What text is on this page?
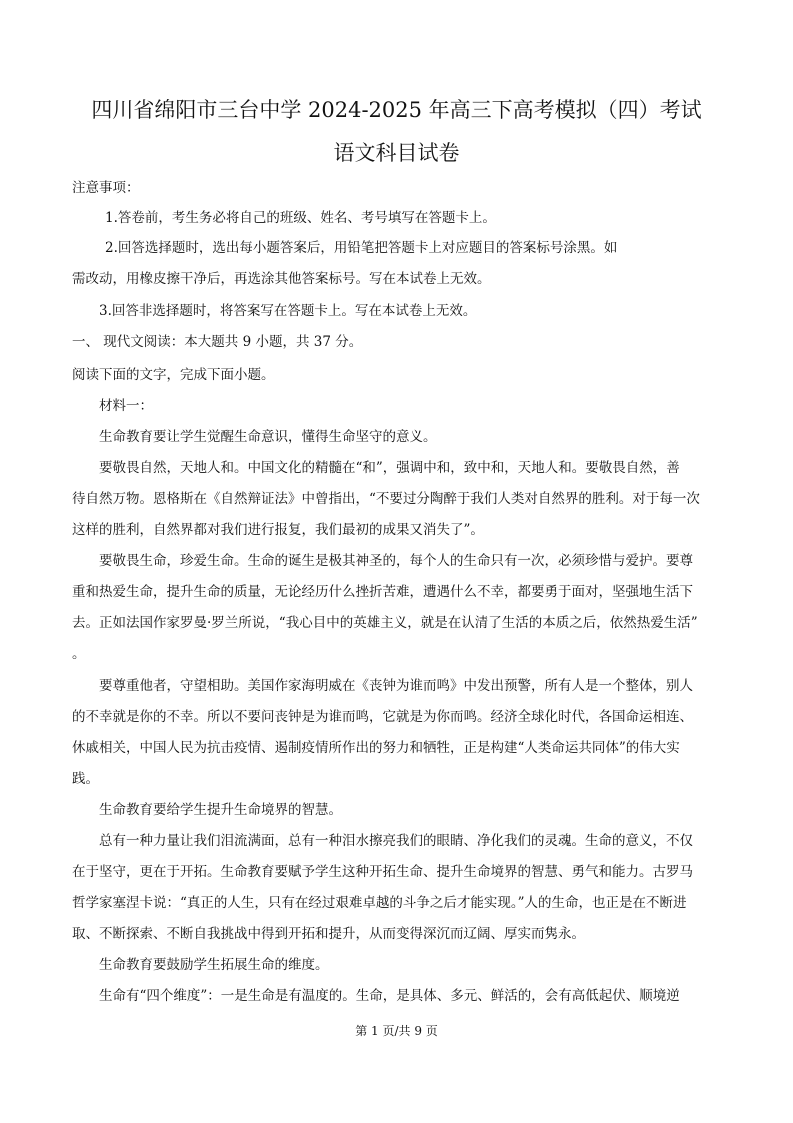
四川省绵阳市三台中学 2024-2025 年高三下高考模拟（四）考试
语文科目试卷
注意事项：
1.答卷前，考生务必将自己的班级、姓名、考号填写在答题卡上。
2.回答选择题时，选出每小题答案后，用铅笔把答题卡上对应题目的答案标号涂黑。如
需改动，用橡皮擦干净后，再选涂其他答案标号。写在本试卷上无效。
3.回答非选择题时，将答案写在答题卡上。写在本试卷上无效。
一、 现代文阅读：本大题共 9 小题，共 37 分。
阅读下面的文字，完成下面小题。
材料一：
生命教育要让学生觉醒生命意识，懂得生命坚守的意义。
要敬畏自然，天地人和。中国文化的精髓在“和”，强调中和，致中和，天地人和。要敬畏自然，善
待自然万物。恩格斯在《自然辩证法》中曾指出，“不要过分陶醉于我们人类对自然界的胜利。对于每一次
这样的胜利，自然界都对我们进行报复，我们最初的成果又消失了”。
要敬畏生命，珍爱生命。生命的诞生是极其神圣的，每个人的生命只有一次，必须珍惜与爱护。要尊
重和热爱生命，提升生命的质量，无论经历什么挫折苦难，遭遇什么不幸，都要勇于面对，坚强地生活下
去。正如法国作家罗曼·罗兰所说，“我心目中的英雄主义，就是在认清了生活的本质之后，依然热爱生活”
。
要尊重他者，守望相助。美国作家海明威在《丧钟为谁而鸣》中发出预警，所有人是一个整体，别人
的不幸就是你的不幸。所以不要问丧钟是为谁而鸣，它就是为你而鸣。经济全球化时代，各国命运相连、
休戚相关，中国人民为抗击疫情、遏制疫情所作出的努力和牺牲，正是构建“人类命运共同体”的伟大实
践。
生命教育要给学生提升生命境界的智慧。
总有一种力量让我们泪流满面，总有一种泪水擦亮我们的眼睛、净化我们的灵魂。生命的意义，不仅
在于坚守，更在于开拓。生命教育要赋予学生这种开拓生命、提升生命境界的智慧、勇气和能力。古罗马
哲学家塞涅卡说：“真正的人生，只有在经过艰难卓越的斗争之后才能实现。”人的生命，也正是在不断进
取、不断探索、不断自我挑战中得到开拓和提升，从而变得深沉而辽阔、厚实而隽永。
生命教育要鼓励学生拓展生命的维度。
生命有“四个维度”：一是生命是有温度的。生命，是具体、多元、鲜活的，会有高低起伏、顺境逆
第 1 页/共 9 页
